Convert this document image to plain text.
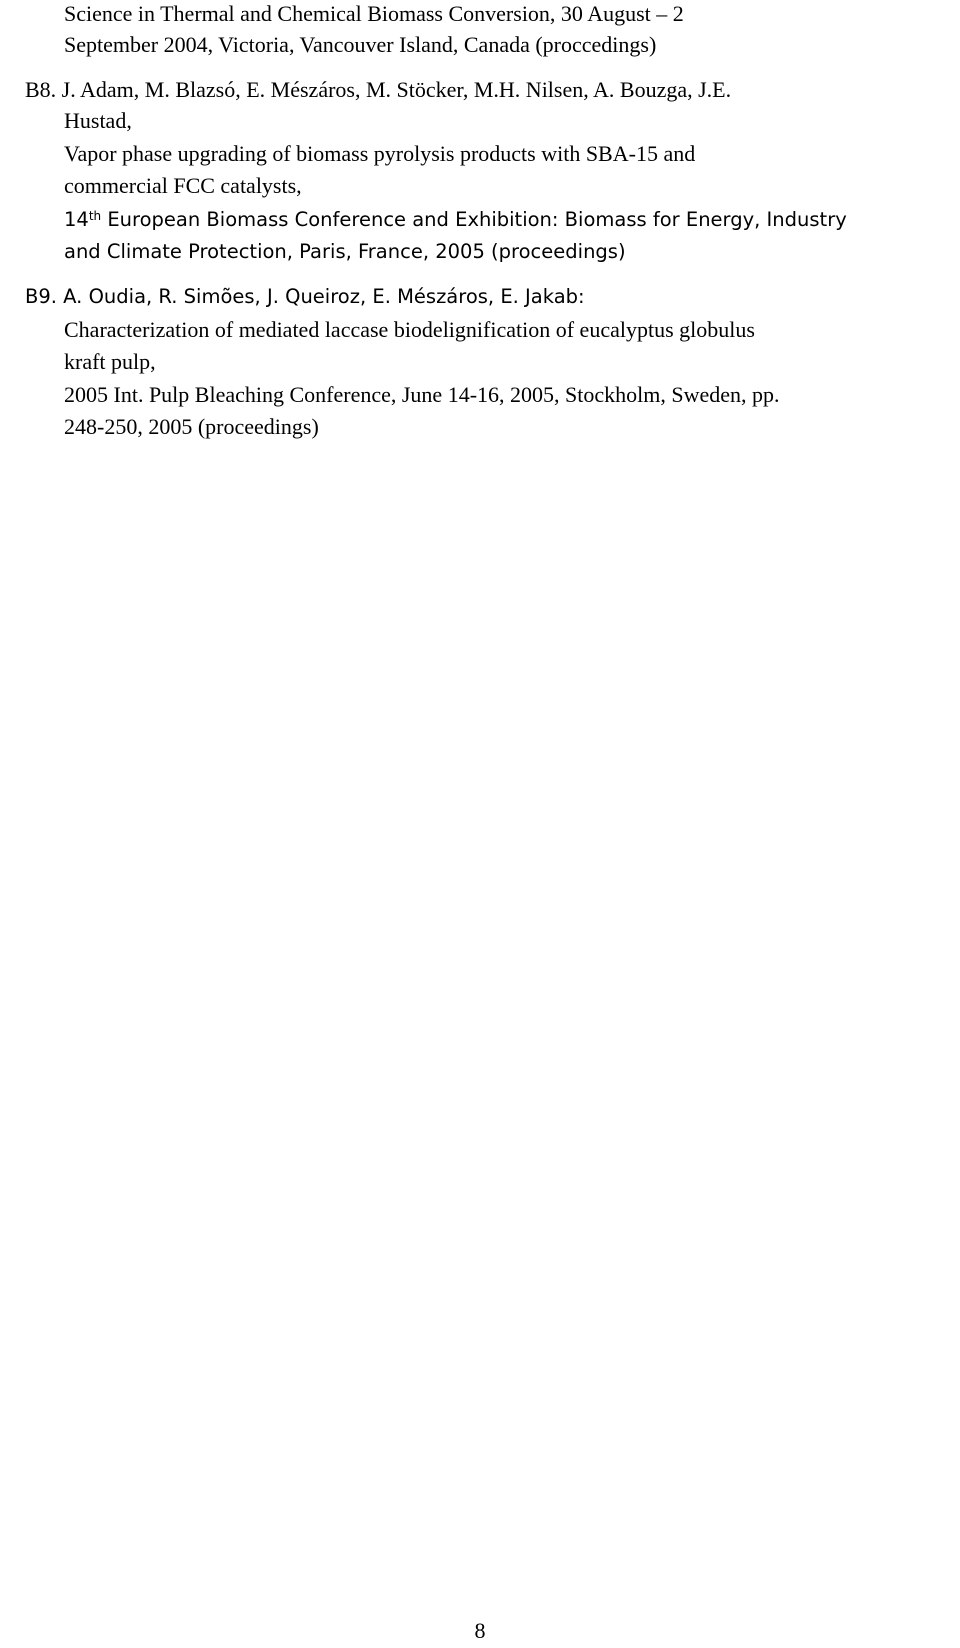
Science in Thermal and Chemical Biomass Conversion, 30 August – 2
September 2004, Victoria, Vancouver Island, Canada (proccedings)
B8. J. Adam, M. Blazsó, E. Mészáros, M. Stöcker, M.H. Nilsen, A. Bouzga, J.E.
Hustad,
Vapor phase upgrading of biomass pyrolysis products with SBA-15 and
commercial FCC catalysts,
14th European Biomass Conference and Exhibition: Biomass for Energy, Industry
and Climate Protection, Paris, France, 2005 (proceedings)
B9. A. Oudia, R. Simões, J. Queiroz, E. Mészáros, E. Jakab:
Characterization of mediated laccase biodelignification of eucalyptus globulus
kraft pulp,
2005 Int. Pulp Bleaching Conference, June 14-16, 2005, Stockholm, Sweden, pp.
248-250, 2005 (proceedings)
8
